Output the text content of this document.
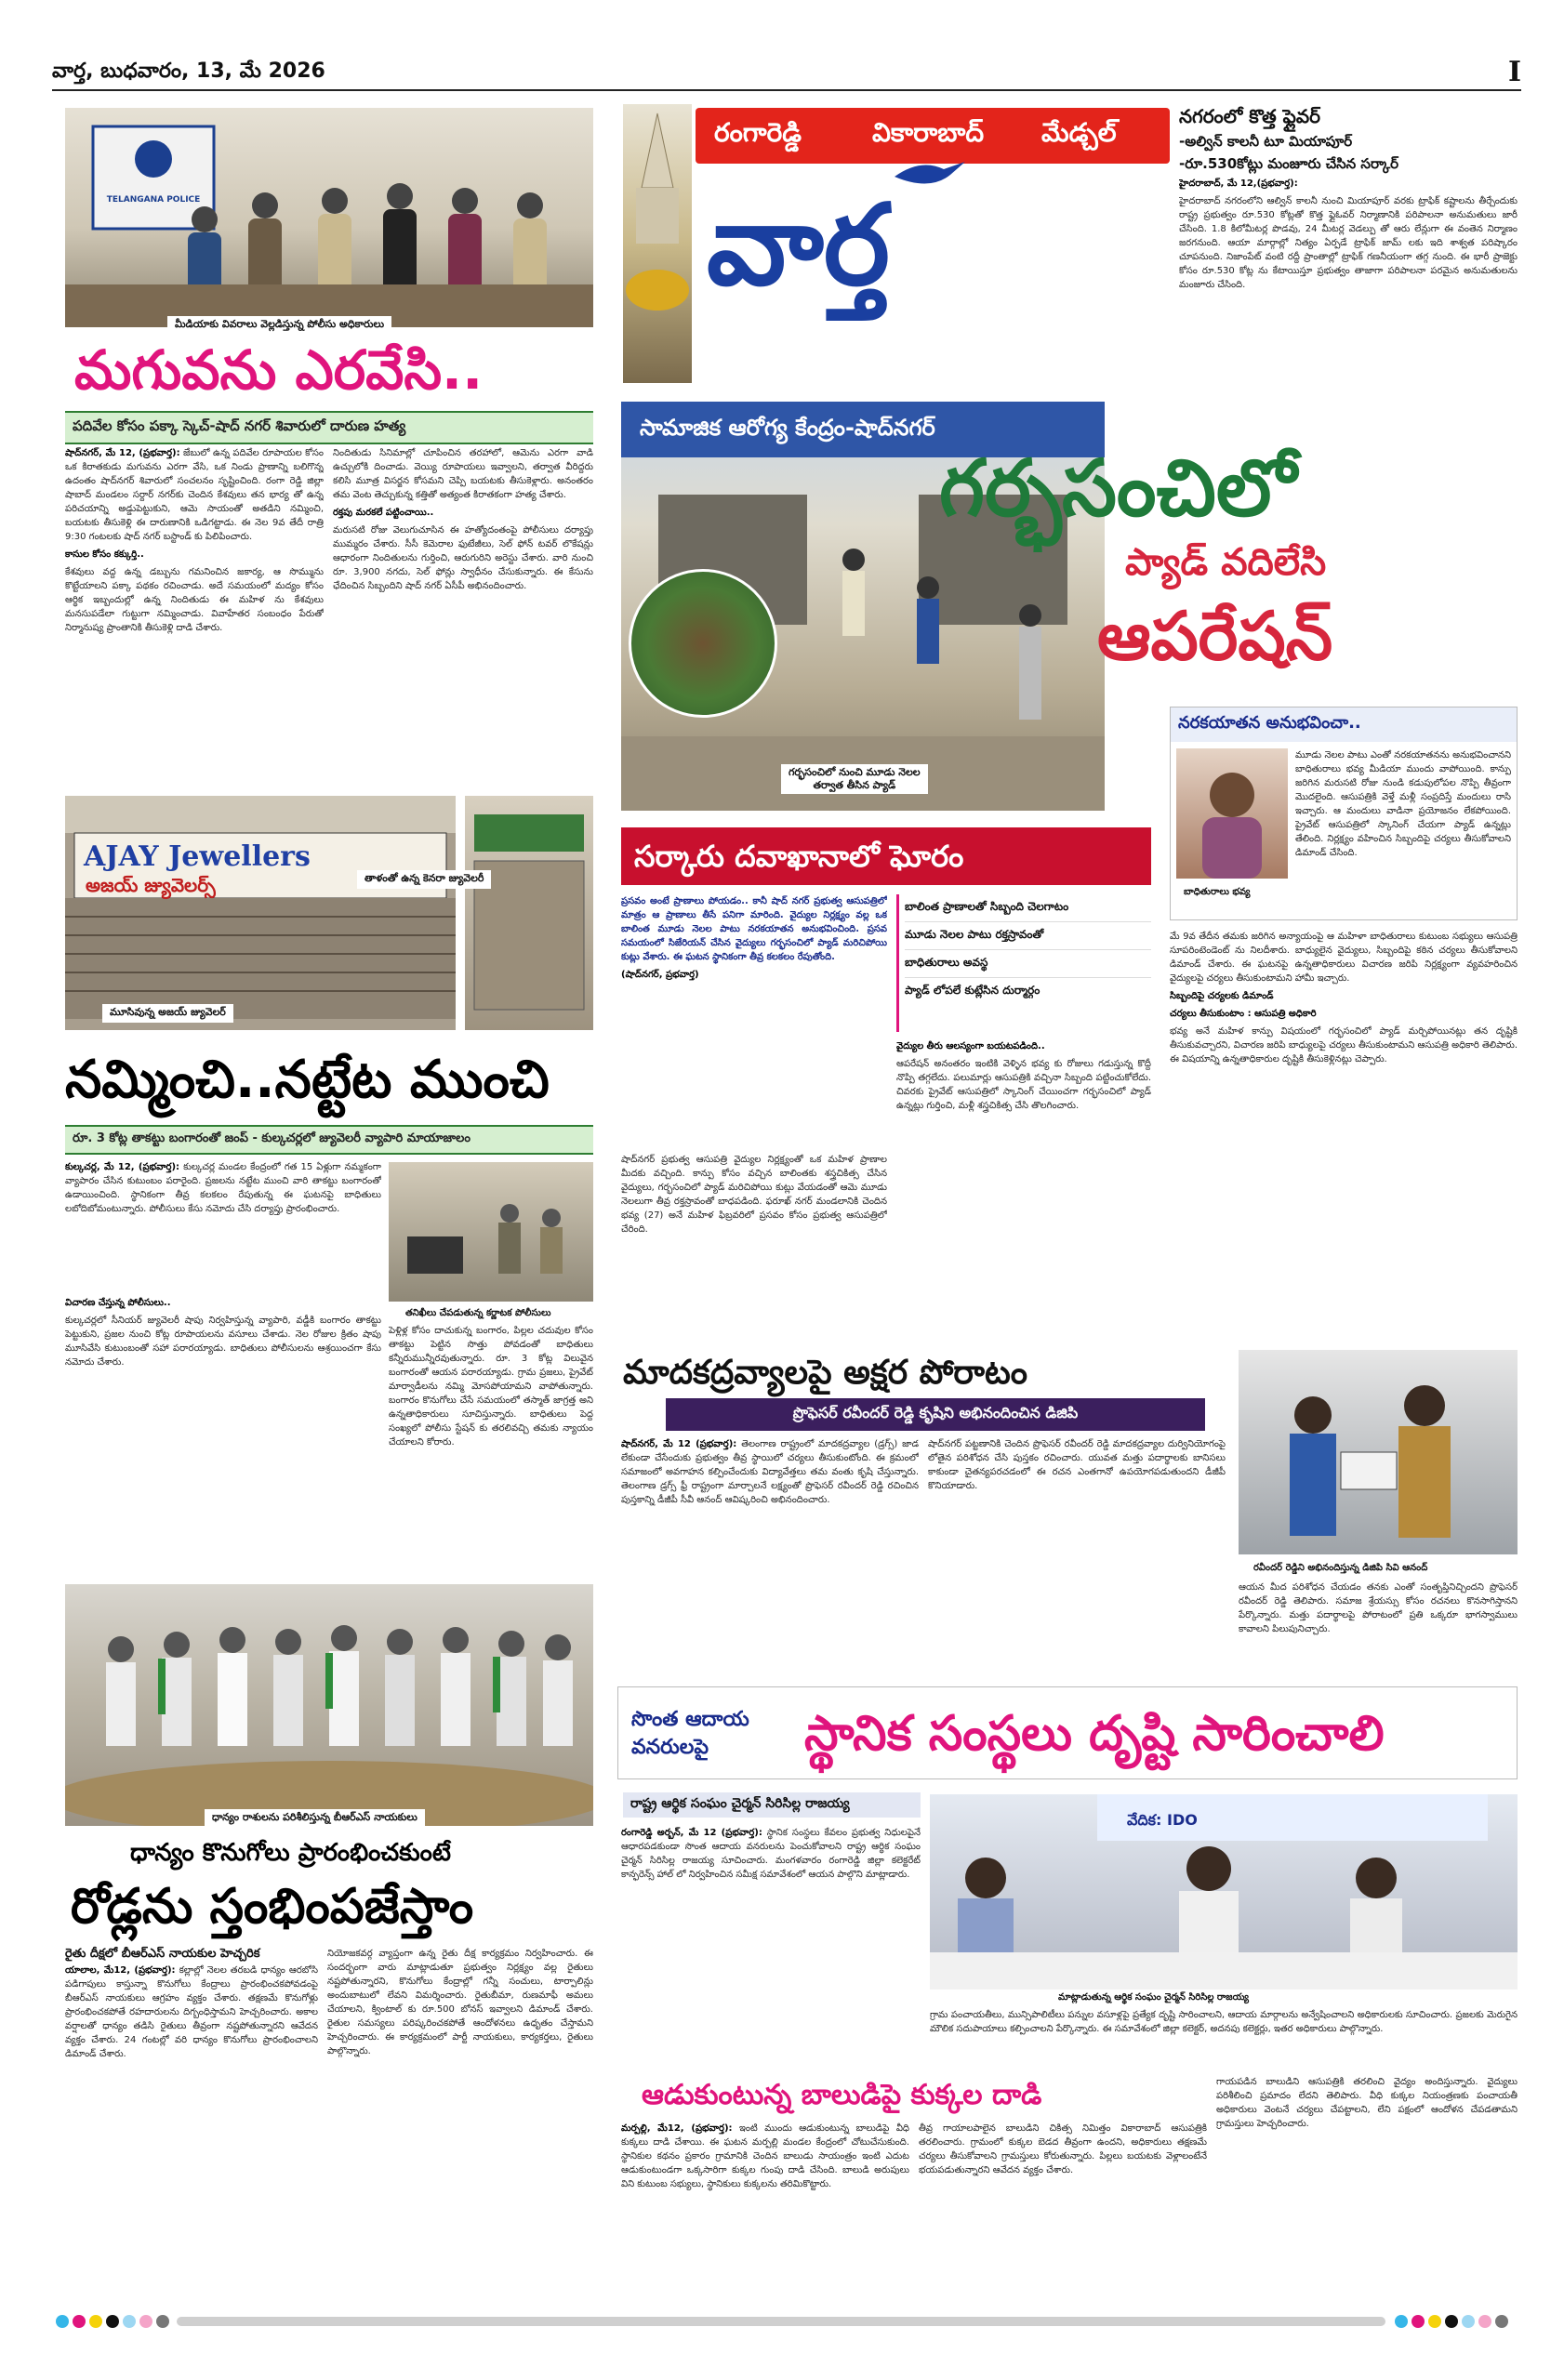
వార్త, బుధవారం, 13, మే 2026	I
TELANGANA POLICE
మీడియాకు వివరాలు వెల్లడిస్తున్న పోలీసు అధికారులు
మగువను ఎరవేసి..
పదివేల కోసం పక్కా స్కెచ్-షాద్ నగర్ శివారులో దారుణ హత్య

షాద్‌నగర్, మే 12, (ప్రభవార్త): జేబులో ఉన్న పదివేల రూపాయల కోసం ఒక కిరాతకుడు మగువను ఎరగా వేసి, ఒక నిండు ప్రాణాన్ని బలిగొన్న ఉదంతం షాద్‌నగర్ శివారులో సంచలనం సృష్టించింది. రంగా రెడ్డి జిల్లా షాబాద్ మండలం సర్దార్ నగర్‌కు చెందిన కేశవులు తన భార్య తో ఉన్న పరిచయాన్ని అడ్డుపెట్టుకుని, ఆమె సాయంతో అతడిని నమ్మించి, బయటకు తీసుకెళ్లి ఈ దారుణానికి ఒడిగట్టాడు. ఈ నెల 9వ తేదీ రాత్రి 9:30 గంటలకు షాద్ నగర్ బస్టాండ్ కు పిలిపించారు.

కాసుల కోసం కక్కుర్తి..

కేశవులు వద్ద ఉన్న డబ్బును గమనించిన జకార్య, ఆ సొమ్మును కొట్టేయాలని పక్కా పథకం రచించాడు. అదే సమయంలో మద్యం కోసం ఆర్థిక ఇబ్బందుల్లో ఉన్న నిందితుడు ఈ మహిళ ను కేశవులు మనసుపడేలా గుట్టుగా నమ్మించాడు. వివాహేతర సంబంధం పేరుతో నిర్మానుష్య ప్రాంతానికి తీసుకెళ్లి దాడి చేశారు.

నిందితుడు సినిమాల్లో చూపించిన తరహాలో, ఆమెను ఎరగా వాడి ఉచ్చులోకి దించాడు. వెయ్యి రూపాయలు ఇవ్వాలని, తర్వాత వీరిద్దరు కలిసి మూత్ర విసర్జన కోసమని చెప్పి బయటకు తీసుకెళ్లారు. అనంతరం తమ వెంట తెచ్చుకున్న కత్తితో అత్యంత కిరాతకంగా హత్య చేశారు.

రక్తపు మరకలే పట్టించాయి..

మరుసటి రోజు వెలుగుచూసిన ఈ హత్యోదంతంపై పోలీసులు దర్యాప్తు ముమ్మరం చేశారు. సీసీ కెమెరాల ఫుటేజీలు, సెల్ ఫోన్ టవర్ లొకేషన్లు ఆధారంగా నిందితులను గుర్తించి, ఆరుగురిని అరెస్టు చేశారు. వారి నుంచి రూ. 3,900 నగదు, సెల్ ఫోన్లు స్వాధీనం చేసుకున్నారు. ఈ కేసును ఛేదించిన సిబ్బందిని షాద్ నగర్ ఏసీపీ అభినందించారు.

AJAY Jewellers
అజయ్ జ్యువెలర్స్
మూసివున్న అజయ్ జ్యువెలర్
తాళంతో ఉన్న కెనరా జ్యువెలరీ
నమ్మించి..నట్టేట ముంచి
రూ. 3 కోట్ల తాకట్టు బంగారంతో జంప్ - కుల్కచర్లలో జ్యువెలరీ వ్యాపారి మాయాజాలం

కుల్కచర్ల, మే 12, (ప్రభవార్త): కుల్కచర్ల మండల కేంద్రంలో గత 15 ఏళ్లుగా నమ్మకంగా వ్యాపారం చేసిన కుటుంబం పరారైంది. ప్రజలను నట్టేట ముంచి వారి తాకట్టు బంగారంతో ఉడాయించింది. స్థానికంగా తీవ్ర కలకలం రేపుతున్న ఈ ఘటనపై బాధితులు లబోదిబోమంటున్నారు. పోలీసులు కేసు నమోదు చేసి దర్యాప్తు ప్రారంభించారు.

తనిఖీలు చేపడుతున్న కర్ణాటక పోలీసులు

విచారణ చేస్తున్న పోలీసులు..

కుల్కచర్లలో సీనియర్ జ్యువెలరీ షాపు నిర్వహిస్తున్న వ్యాపారి, వడ్డీకి బంగారం తాకట్టు పెట్టుకుని, ప్రజల నుంచి కోట్ల రూపాయలను వసూలు చేశాడు. నెల రోజుల క్రితం షాపు మూసివేసి కుటుంబంతో సహా పరారయ్యాడు. బాధితులు పోలీసులను ఆశ్రయించగా కేసు నమోదు చేశారు.

పెళ్లిళ్ల కోసం దాచుకున్న బంగారం, పిల్లల చదువుల కోసం తాకట్టు పెట్టిన సొత్తు పోవడంతో బాధితులు కన్నీరుమున్నీరవుతున్నారు. రూ. 3 కోట్ల విలువైన బంగారంతో ఆయన పరారయ్యాడు. గ్రామ ప్రజలు, ప్రైవేట్ మార్వాడీలను నమ్మి మోసపోయామని వాపోతున్నారు. బంగారం కొనుగోలు చేసే సమయంలో తస్మాత్ జాగ్రత్త అని ఉన్నతాధికారులు సూచిస్తున్నారు. బాధితులు పెద్ద సంఖ్యలో పోలీసు స్టేషన్ కు తరలివచ్చి తమకు న్యాయం చేయాలని కోరారు.

ధాన్యం రాశులను పరిశీలిస్తున్న బీఆర్ఎస్ నాయకులు
ధాన్యం కొనుగోలు ప్రారంభించకుంటే
రోడ్లను స్తంభింపజేస్తాం
రైతు దీక్షలో బీఆర్ఎస్ నాయకుల హెచ్చరిక

యాలాల, మే12, (ప్రభవార్త): కల్లాల్లో నెలల తరబడి ధాన్యం ఆరబోసి పడిగాపులు కాస్తున్నా కొనుగోలు కేంద్రాలు ప్రారంభించకపోవడంపై బీఆర్ఎస్ నాయకులు ఆగ్రహం వ్యక్తం చేశారు. తక్షణమే కొనుగోళ్లు ప్రారంభించకపోతే రహదారులను దిగ్బంధిస్తామని హెచ్చరించారు. అకాల వర్షాలతో ధాన్యం తడిసి రైతులు తీవ్రంగా నష్టపోతున్నారని ఆవేదన వ్యక్తం చేశారు. 24 గంటల్లో వరి ధాన్యం కొనుగోలు ప్రారంభించాలని డిమాండ్ చేశారు.

నియోజకవర్గ వ్యాప్తంగా ఉన్న రైతు దీక్ష కార్యక్రమం నిర్వహించారు. ఈ సందర్భంగా వారు మాట్లాడుతూ ప్రభుత్వం నిర్లక్ష్యం వల్ల రైతులు నష్టపోతున్నారని, కొనుగోలు కేంద్రాల్లో గన్నీ సంచులు, టార్పాలిన్లు అందుబాటులో లేవని విమర్శించారు. రైతుబీమా, రుణమాఫీ అమలు చేయాలని, క్వింటాల్ కు రూ.500 బోనస్ ఇవ్వాలని డిమాండ్ చేశారు. రైతుల సమస్యలు పరిష్కరించకపోతే ఆందోళనలు ఉధృతం చేస్తామని హెచ్చరించారు. ఈ కార్యక్రమంలో పార్టీ నాయకులు, కార్యకర్తలు, రైతులు పాల్గొన్నారు.

రంగారెడ్డి	వికారాబాద్ మేడ్చల్
వార్త

నగరంలో కొత్త ఫ్లైవర్

-అల్విన్ కాలనీ టూ మియాపూర్

-రూ.530కోట్లు మంజూరు చేసిన సర్కార్

హైదరాబాద్, మే 12,(ప్రభవార్త):

హైదరాబాద్ నగరంలోని ఆల్విన్ కాలనీ నుంచి మియాపూర్ వరకు ట్రాఫిక్ కష్టాలను తీర్చేందుకు రాష్ట్ర ప్రభుత్వం రూ.530 కోట్లతో కొత్త ఫ్లైఓవర్ నిర్మాణానికి పరిపాలనా అనుమతులు జారీ చేసింది. 1.8 కిలోమీటర్ల పొడవు, 24 మీటర్ల వెడల్పు తో ఆరు లేన్లుగా ఈ వంతెన నిర్మాణం జరగనుంది. ఆయా మార్గాల్లో నిత్యం ఏర్పడే ట్రాఫిక్ జామ్ లకు ఇది శాశ్వత పరిష్కారం చూపనుంది. నిజాంపేట్ వంటి రద్దీ ప్రాంతాల్లో ట్రాఫిక్ గణనీయంగా తగ్గ నుంది. ఈ భారీ ప్రాజెక్టు కోసం రూ.530 కోట్ల ను కేటాయిస్తూ ప్రభుత్వం తాజాగా పరిపాలనా పరమైన అనుమతులను మంజూరు చేసింది.

సామాజిక ఆరోగ్య కేంద్రం-షాద్‌నగర్
గర్భసంచిలో నుంచి మూడు నెలల
తర్వాత తీసిన ప్యాడ్
గర్భసంచిలో
ప్యాడ్ వదిలేసి
ఆపరేషన్
నరకయాతన అనుభవించా..
బాధితురాలు భవ్య
మూడు నెలల పాటు ఎంతో నరకయాతనను అనుభవించానని బాధితురాలు భవ్య మీడియా ముందు వాపోయింది. కాన్పు జరిగిన మరుసటి రోజు నుండి కడుపులోపల నొప్పి తీవ్రంగా మొదలైంది. ఆసుపత్రికి వెళ్తే మళ్లీ సంప్రదిస్తే మందులు రాసి ఇచ్చారు. ఆ మందులు వాడినా ప్రయోజనం లేకపోయింది. ప్రైవేట్ ఆసుపత్రిలో స్కానింగ్ చేయగా ప్యాడ్ ఉన్నట్లు తేలింది. నిర్లక్ష్యం వహించిన సిబ్బందిపై చర్యలు తీసుకోవాలని డిమాండ్ చేసింది.
సర్కారు దవాఖానాలో ఘోరం

ప్రసవం అంటే ప్రాణాలు పోయడం.. కానీ షాద్ నగర్ ప్రభుత్వ ఆసుపత్రిలో మాత్రం ఆ ప్రాణాలు తీసే పనిగా మారింది. వైద్యుల నిర్లక్ష్యం వల్ల ఒక బాలింత మూడు నెలల పాటు నరకయాతన అనుభవించింది. ప్రసవ సమయంలో సిజేరియన్ చేసిన వైద్యులు గర్భసంచిలో ప్యాడ్ మరిచిపోయి కుట్లు వేశారు. ఈ ఘటన స్థానికంగా తీవ్ర కలకలం రేపుతోంది.

(షాద్‌నగర్, ప్రభవార్త)

బాలింత ప్రాణాలతో సిబ్బంది చెలగాటం
మూడు నెలల పాటు రక్తస్రావంతో
బాధితురాలు అవస్థ
ప్యాడ్ లోపలే కుట్లేసిన దుర్మార్గం

షాద్‌నగర్ ప్రభుత్వ ఆసుపత్రి వైద్యుల నిర్లక్ష్యంతో ఒక మహిళ ప్రాణాల మీదకు వచ్చింది. కాన్పు కోసం వచ్చిన బాలింతకు శస్త్రచికిత్స చేసిన వైద్యులు, గర్భసంచిలో ప్యాడ్ మరిచిపోయి కుట్లు వేయడంతో ఆమె మూడు నెలలుగా తీవ్ర రక్తస్రావంతో బాధపడింది. ఫరూఖ్ నగర్ మండలానికి చెందిన భవ్య (27) అనే మహిళ ఫిబ్రవరిలో ప్రసవం కోసం ప్రభుత్వ ఆసుపత్రిలో చేరింది.

వైద్యుల తీరు ఆలస్యంగా బయటపడింది..

ఆపరేషన్ అనంతరం ఇంటికి వెళ్ళిన భవ్య కు రోజులు గడుస్తున్న కొద్దీ నొప్పి తగ్గలేదు. పలుమార్లు ఆసుపత్రికి వచ్చినా సిబ్బంది పట్టించుకోలేదు. చివరకు ప్రైవేట్ ఆసుపత్రిలో స్కానింగ్ చేయించగా గర్భసంచిలో ప్యాడ్ ఉన్నట్లు గుర్తించి, మళ్లీ శస్త్రచికిత్స చేసి తొలగించారు.

మే 9వ తేదీన తమకు జరిగిన అన్యాయంపై ఆ మహిళా బాధితురాలు కుటుంబ సభ్యులు ఆసుపత్రి సూపరింటెండెంట్ ను నిలదీశారు. బాధ్యులైన వైద్యులు, సిబ్బందిపై కఠిన చర్యలు తీసుకోవాలని డిమాండ్ చేశారు. ఈ ఘటనపై ఉన్నతాధికారులు విచారణ జరిపి నిర్లక్ష్యంగా వ్యవహరించిన వైద్యులపై చర్యలు తీసుకుంటామని హామీ ఇచ్చారు.

సిబ్బందిపై చర్యలకు డిమాండ్

చర్యలు తీసుకుంటాం : ఆసుపత్రి అధికారి

భవ్య అనే మహిళ కాన్పు విషయంలో గర్భసంచిలో ప్యాడ్ మర్చిపోయినట్లు తన దృష్టికి తీసుకువచ్చారని, విచారణ జరిపి బాధ్యులపై చర్యలు తీసుకుంటామని ఆసుపత్రి అధికారి తెలిపారు. ఈ విషయాన్ని ఉన్నతాధికారుల దృష్టికి తీసుకెళ్లినట్లు చెప్పారు.

మాదకద్రవ్యాలపై అక్షర పోరాటం
ప్రొఫెసర్ రవీందర్ రెడ్డి కృషిని అభినందించిన డిజిపి
రవీందర్ రెడ్డిని అభినందిస్తున్న డిజిపి సివి ఆనంద్

షాద్‌నగర్, మే 12 (ప్రభవార్త): తెలంగాణ రాష్ట్రంలో మాదకద్రవ్యాల (డ్రగ్స్) జాడ లేకుండా చేసేందుకు ప్రభుత్వం తీవ్ర స్థాయిలో చర్యలు తీసుకుంటోంది. ఈ క్రమంలో సమాజంలో అవగాహన కల్పించేందుకు విద్యావేత్తలు తమ వంతు కృషి చేస్తున్నారు. తెలంగాణ డ్రగ్స్ ఫ్రీ రాష్ట్రంగా మార్చాలనే లక్ష్యంతో ప్రొఫెసర్ రవీందర్ రెడ్డి రచించిన పుస్తకాన్ని డీజీపీ సీవీ ఆనంద్ ఆవిష్కరించి అభినందించారు.

షాద్‌నగర్ పట్టణానికి చెందిన ప్రొఫెసర్ రవీందర్ రెడ్డి మాదకద్రవ్యాల దుర్వినియోగంపై లోతైన పరిశోధన చేసి పుస్తకం రచించారు. యువత మత్తు పదార్థాలకు బానిసలు కాకుండా చైతన్యపరచడంలో ఈ రచన ఎంతగానో ఉపయోగపడుతుందని డీజీపీ కొనియాడారు.

ఆయన మీద పరిశోధన చేయడం తనకు ఎంతో సంతృప్తినిచ్చిందని ప్రొఫెసర్ రవీందర్ రెడ్డి తెలిపారు. సమాజ శ్రేయస్సు కోసం రచనలు కొనసాగిస్తానని పేర్కొన్నారు. మత్తు పదార్థాలపై పోరాటంలో ప్రతి ఒక్కరూ భాగస్వాములు కావాలని పిలుపునిచ్చారు.

సొంత ఆదాయ వనరులపై	స్థానిక సంస్థలు దృష్టి సారించాలి
రాష్ట్ర ఆర్థిక సంఘం చైర్మన్ సిరిసిల్ల రాజయ్య
వేదిక: IDO
మాట్లాడుతున్న ఆర్థిక సంఘం చైర్మన్ సిరిసిల్ల రాజయ్య

రంగారెడ్డి అర్బన్, మే 12 (ప్రభవార్త): స్థానిక సంస్థలు కేవలం ప్రభుత్వ నిధులపైనే ఆధారపడకుండా సొంత ఆదాయ వనరులను పెంచుకోవాలని రాష్ట్ర ఆర్థిక సంఘం చైర్మన్ సిరిసిల్ల రాజయ్య సూచించారు. మంగళవారం రంగారెడ్డి జిల్లా కలెక్టరేట్ కాన్ఫరెన్స్ హాల్ లో నిర్వహించిన సమీక్ష సమావేశంలో ఆయన పాల్గొని మాట్లాడారు.

గ్రామ పంచాయతీలు, మున్సిపాలిటీలు పన్నుల వసూళ్లపై ప్రత్యేక దృష్టి సారించాలని, ఆదాయ మార్గాలను అన్వేషించాలని అధికారులకు సూచించారు. ప్రజలకు మెరుగైన మౌలిక సదుపాయాలు కల్పించాలని పేర్కొన్నారు. ఈ సమావేశంలో జిల్లా కలెక్టర్, అదనపు కలెక్టర్లు, ఇతర అధికారులు పాల్గొన్నారు.

ఆడుకుంటున్న బాలుడిపై కుక్కల దాడి

మర్పల్లి, మే12, (ప్రభవార్త): ఇంటి ముందు ఆడుకుంటున్న బాలుడిపై వీధి కుక్కలు దాడి చేశాయి. ఈ ఘటన మర్పల్లి మండల కేంద్రంలో చోటుచేసుకుంది. స్థానికుల కథనం ప్రకారం గ్రామానికి చెందిన బాలుడు సాయంత్రం ఇంటి ఎదుట ఆడుకుంటుండగా ఒక్కసారిగా కుక్కల గుంపు దాడి చేసింది. బాలుడి అరుపులు విని కుటుంబ సభ్యులు, స్థానికులు కుక్కలను తరిమికొట్టారు.

తీవ్ర గాయాలపాలైన బాలుడిని చికిత్స నిమిత్తం వికారాబాద్ ఆసుపత్రికి తరలించారు. గ్రామంలో కుక్కల బెడద తీవ్రంగా ఉందని, అధికారులు తక్షణమే చర్యలు తీసుకోవాలని గ్రామస్తులు కోరుతున్నారు. పిల్లలు బయటకు వెళ్లాలంటేనే భయపడుతున్నారని ఆవేదన వ్యక్తం చేశారు.

గాయపడిన బాలుడిని ఆసుపత్రికి తరలించి వైద్యం అందిస్తున్నారు. వైద్యులు పరిశీలించి ప్రమాదం లేదని తెలిపారు. వీధి కుక్కల నియంత్రణకు పంచాయతీ అధికారులు వెంటనే చర్యలు చేపట్టాలని, లేని పక్షంలో ఆందోళన చేపడతామని గ్రామస్తులు హెచ్చరించారు.
